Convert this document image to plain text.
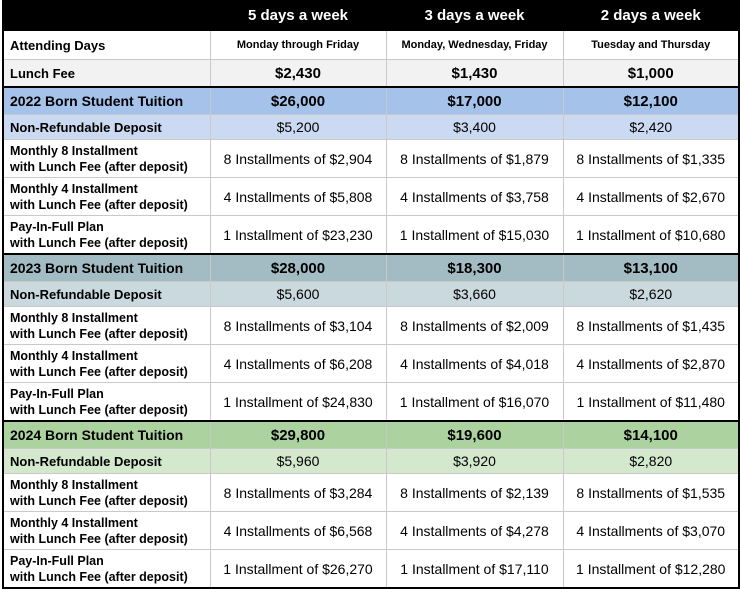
	5 days a week	3 days a week	2 days a week
Attending Days	Monday through Friday	Monday, Wednesday, Friday	Tuesday and Thursday
Lunch Fee	$2,430	$1,430	$1,000
2022 Born Student Tuition	$26,000	$17,000	$12,100
Non-Refundable Deposit	$5,200	$3,400	$2,420

Monthly 8 Installment
with Lunch Fee (after deposit)	8 Installments of $2,904	8 Installments of $1,879	8 Installments of $1,335

Monthly 4 Installment
with Lunch Fee (after deposit)	4 Installments of $5,808	4 Installments of $3,758	4 Installments of $2,670

Pay-In-Full Plan
with Lunch Fee (after deposit)	1 Installment of $23,230	1 Installment of $15,030	1 Installment of $10,680
2023 Born Student Tuition	$28,000	$18,300	$13,100
Non-Refundable Deposit	$5,600	$3,660	$2,620

Monthly 8 Installment
with Lunch Fee (after deposit)	8 Installments of $3,104	8 Installments of $2,009	8 Installments of $1,435

Monthly 4 Installment
with Lunch Fee (after deposit)	4 Installments of $6,208	4 Installments of $4,018	4 Installments of $2,870

Pay-In-Full Plan
with Lunch Fee (after deposit)	1 Installment of $24,830	1 Installment of $16,070	1 Installment of $11,480
2024 Born Student Tuition	$29,800	$19,600	$14,100
Non-Refundable Deposit	$5,960	$3,920	$2,820

Monthly 8 Installment
with Lunch Fee (after deposit)	8 Installments of $3,284	8 Installments of $2,139	8 Installments of $1,535

Monthly 4 Installment
with Lunch Fee (after deposit)	4 Installments of $6,568	4 Installments of $4,278	4 Installments of $3,070

Pay-In-Full Plan
with Lunch Fee (after deposit)	1 Installment of $26,270	1 Installment of $17,110	1 Installment of $12,280
